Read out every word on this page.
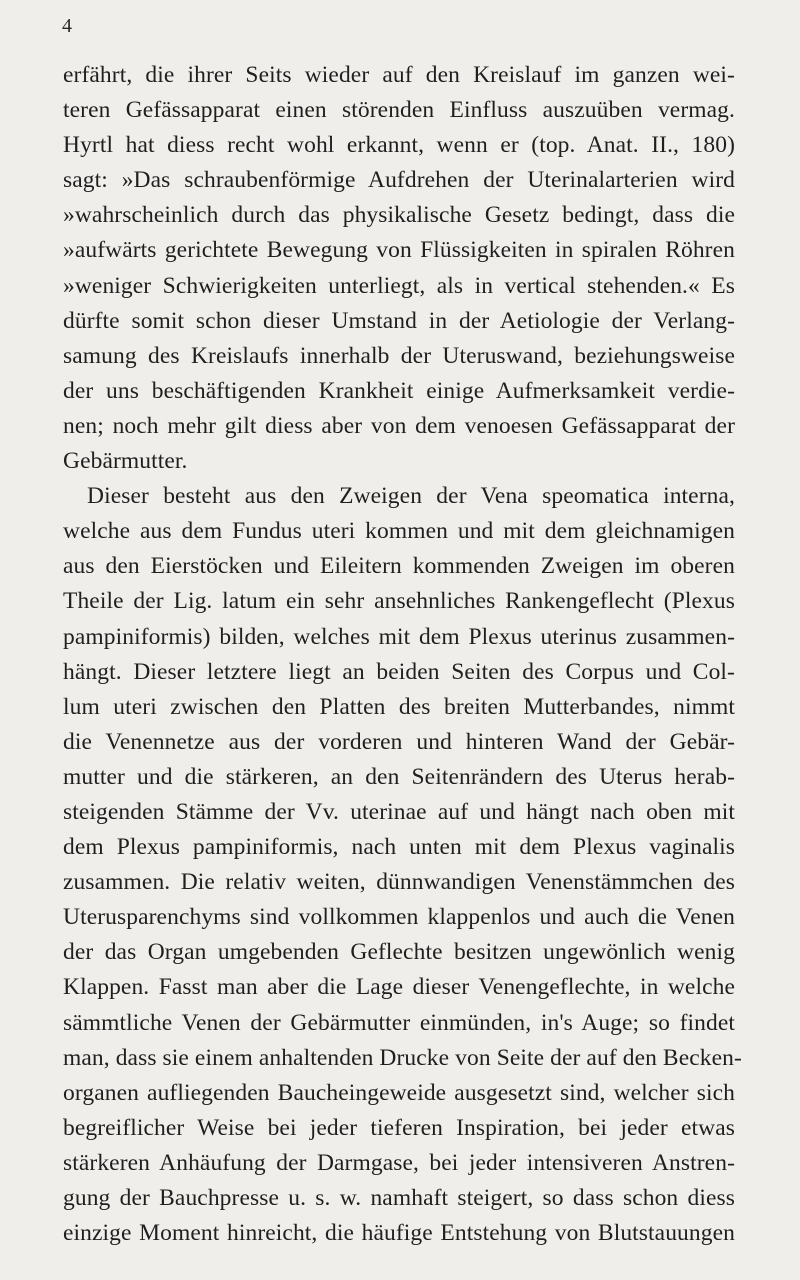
4
erfährt, die ihrer Seits wieder auf den Kreislauf im ganzen wei-
teren Gefässapparat einen störenden Einfluss auszuüben vermag.
Hyrtl hat diess recht wohl erkannt, wenn er (top. Anat. II., 180)
sagt: »Das schraubenförmige Aufdrehen der Uterinalarterien wird
»wahrscheinlich durch das physikalische Gesetz bedingt, dass die
»aufwärts gerichtete Bewegung von Flüssigkeiten in spiralen Röhren
»weniger Schwierigkeiten unterliegt, als in vertical stehenden.« Es
dürfte somit schon dieser Umstand in der Aetiologie der Verlang-
samung des Kreislaufs innerhalb der Uteruswand, beziehungsweise
der uns beschäftigenden Krankheit einige Aufmerksamkeit verdie-
nen; noch mehr gilt diess aber von dem venoesen Gefässapparat der
Gebärmutter.
Dieser besteht aus den Zweigen der Vena speomatica interna,
welche aus dem Fundus uteri kommen und mit dem gleichnamigen
aus den Eierstöcken und Eileitern kommenden Zweigen im oberen
Theile der Lig. latum ein sehr ansehnliches Rankengeflecht (Plexus
pampiniformis) bilden, welches mit dem Plexus uterinus zusammen-
hängt. Dieser letztere liegt an beiden Seiten des Corpus und Col-
lum uteri zwischen den Platten des breiten Mutterbandes, nimmt
die Venennetze aus der vorderen und hinteren Wand der Gebär-
mutter und die stärkeren, an den Seitenrändern des Uterus herab-
steigenden Stämme der Vv. uterinae auf und hängt nach oben mit
dem Plexus pampiniformis, nach unten mit dem Plexus vaginalis
zusammen. Die relativ weiten, dünnwandigen Venenstämmchen des
Uterusparenchyms sind vollkommen klappenlos und auch die Venen
der das Organ umgebenden Geflechte besitzen ungewönlich wenig
Klappen. Fasst man aber die Lage dieser Venengeflechte, in welche
sämmtliche Venen der Gebärmutter einmünden, in's Auge; so findet
man, dass sie einem anhaltenden Drucke von Seite der auf den Becken-
organen aufliegenden Baucheingeweide ausgesetzt sind, welcher sich
begreiflicher Weise bei jeder tieferen Inspiration, bei jeder etwas
stärkeren Anhäufung der Darmgase, bei jeder intensiveren Anstren-
gung der Bauchpresse u. s. w. namhaft steigert, so dass schon diess
einzige Moment hinreicht, die häufige Entstehung von Blutstauungen
